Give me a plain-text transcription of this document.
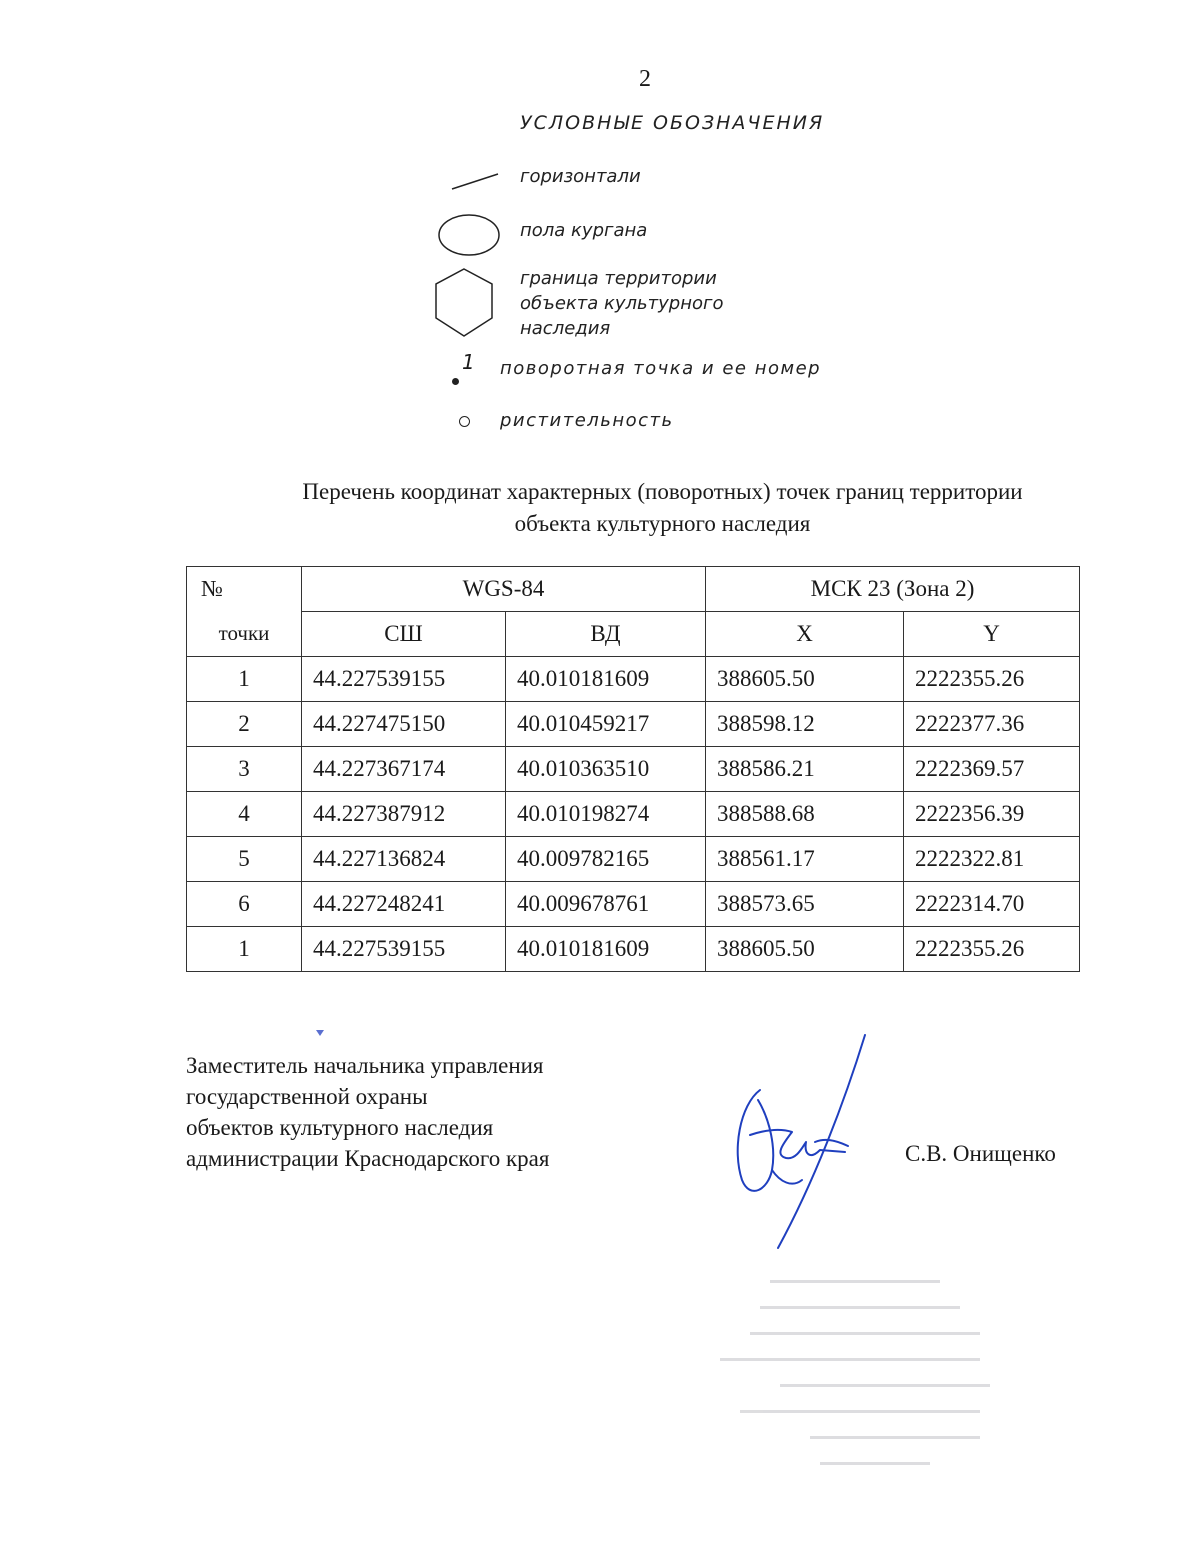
2
УСЛОВНЫЕ ОБОЗНАЧЕНИЯ
горизонтали
пола кургана
граница территории
объекта культурного
наследия
1 поворотная точка и ее номер
риcтительность
Перечень координат характерных (поворотных) точек границ территории
объекта культурного наследия
№	WGS-84		МСК 23 (Зона 2)	
точки	СШ	ВД	X	Y
1	44.227539155	40.010181609	388605.50	2222355.26
2	44.227475150	40.010459217	388598.12	2222377.36
3	44.227367174	40.010363510	388586.21	2222369.57
4	44.227387912	40.010198274	388588.68	2222356.39
5	44.227136824	40.009782165	388561.17	2222322.81
6	44.227248241	40.009678761	388573.65	2222314.70
1	44.227539155	40.010181609	388605.50	2222355.26
Заместитель начальника управления
государственной охраны
объектов культурного наследия
администрации Краснодарского края	С.В. Онищенко
